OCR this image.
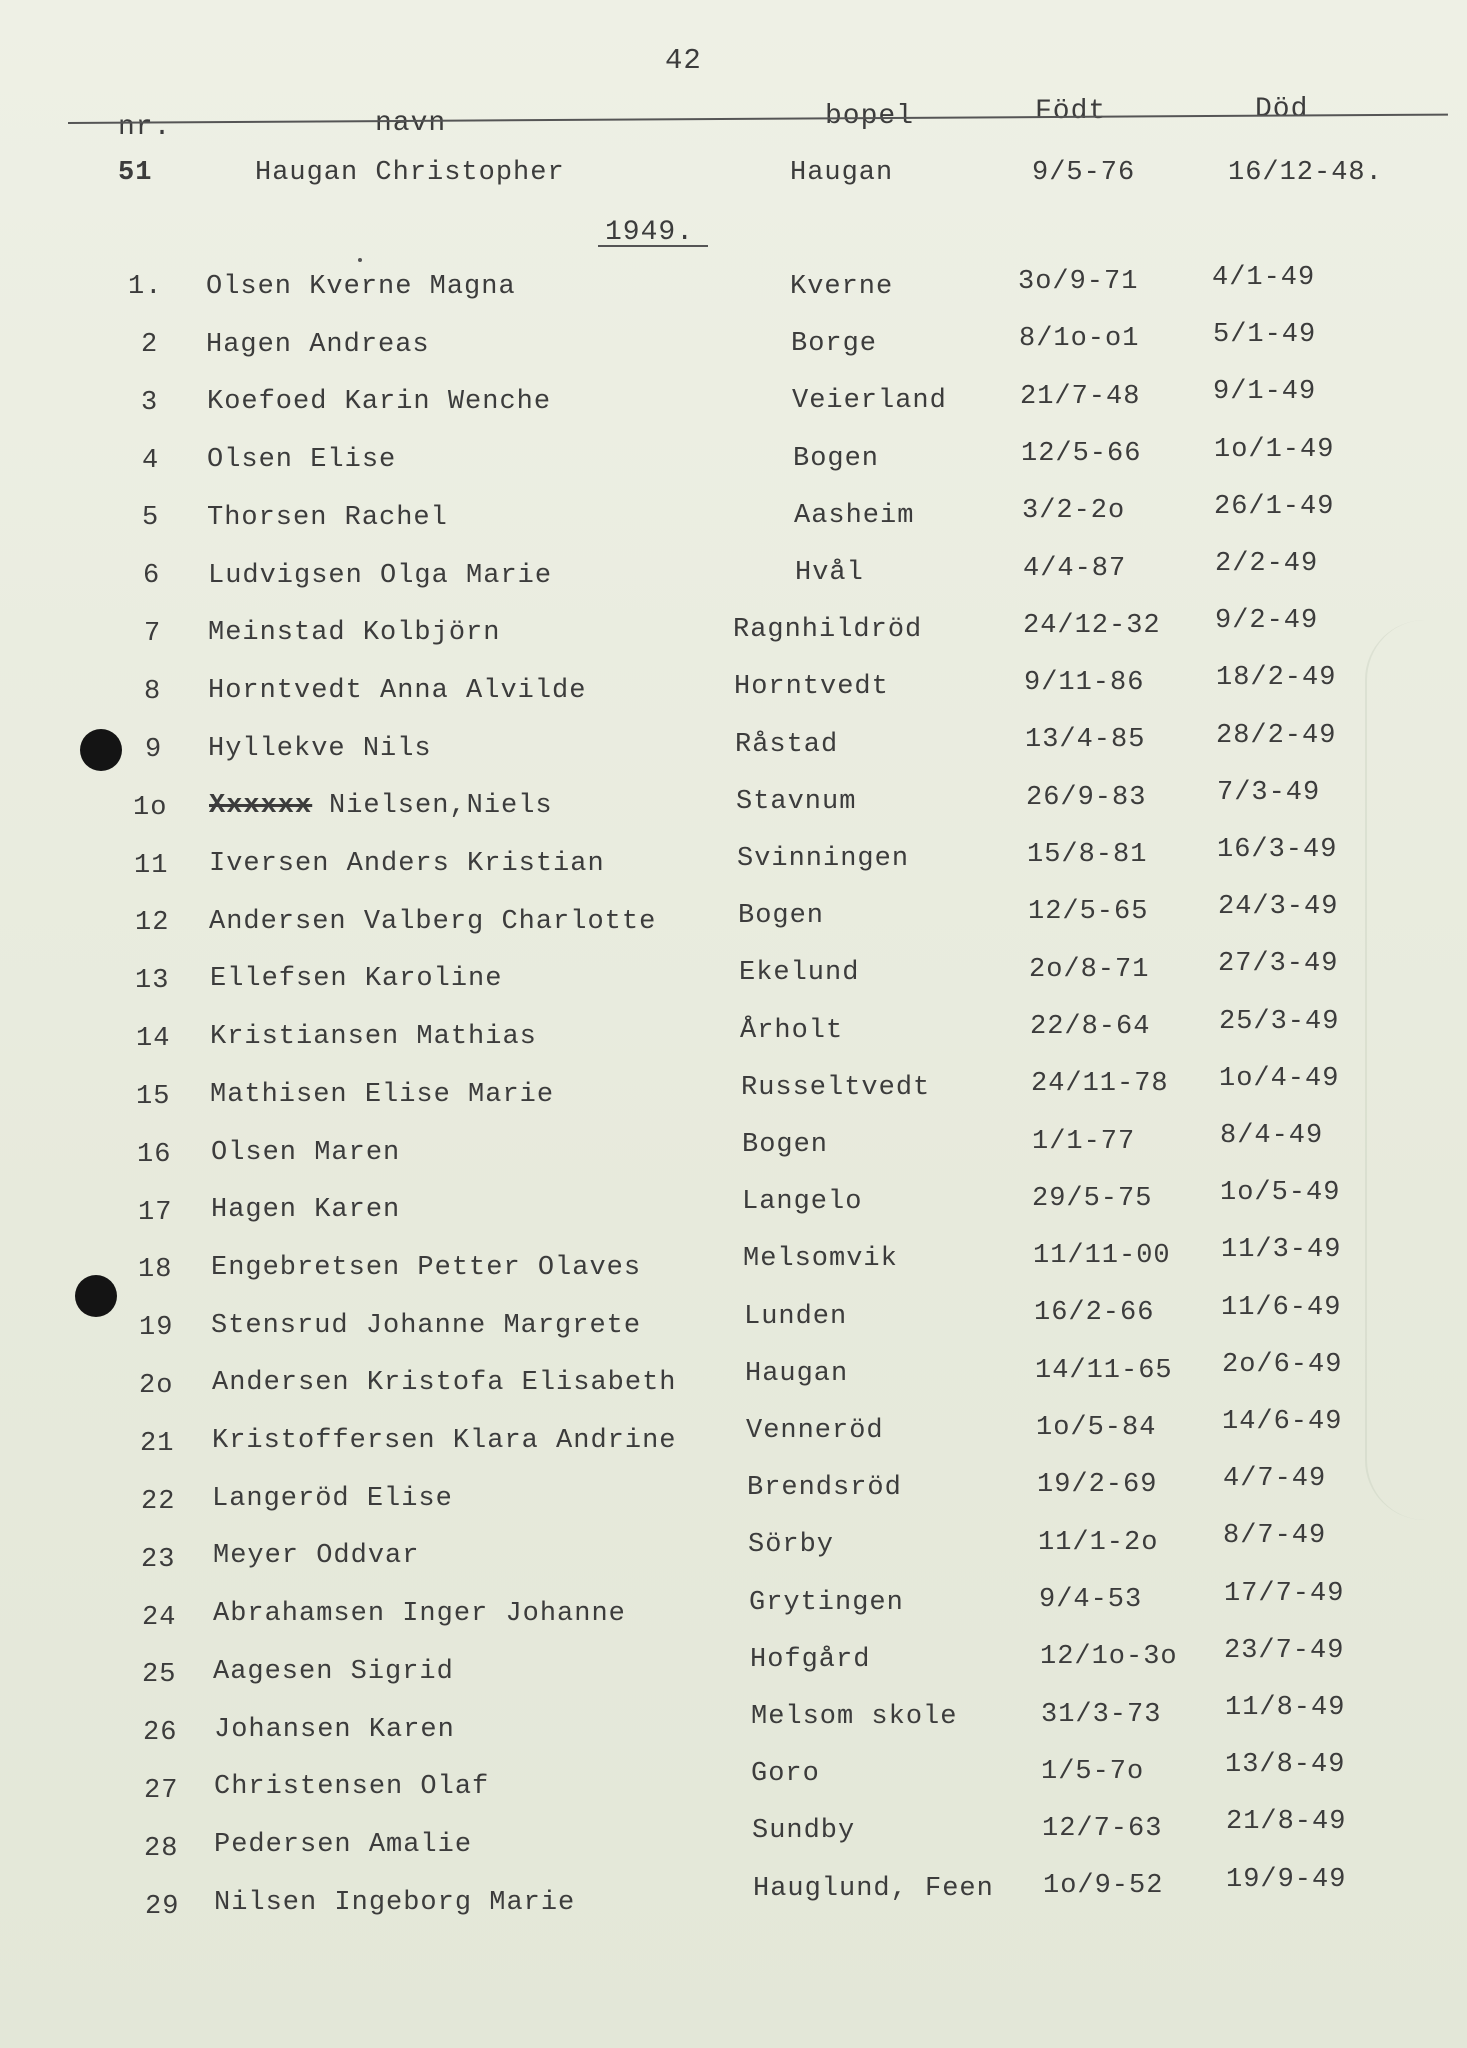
42
nr.	navn	bopel	Födt	Död
51	Haugan Christopher	Haugan	9/5-76	16/12-48.
1949.
1. Olsen Kverne Magna	Kverne	3o/9-71	4/1-49
2 Hagen Andreas	Borge	8/1o-o1	5/1-49
3 Koefoed Karin Wenche	Veierland	21/7-48	9/1-49
4 Olsen Elise	Bogen	12/5-66	1o/1-49
5 Thorsen Rachel	Aasheim	3/2-2o	26/1-49
6 Ludvigsen Olga Marie	Hvål	4/4-87	2/2-49
7 Meinstad Kolbjörn	Ragnhildröd	24/12-32 9/2-49
8 Horntvedt Anna Alvilde	Horntvedt	9/11-86	18/2-49
9 Hyllekve Nils	Råstad	13/4-85	28/2-49
1o Xxxxxx Nielsen,Niels	Stavnum	26/9-83	7/3-49
11 Iversen Anders Kristian	Svinningen	15/8-81	16/3-49
12 Andersen Valberg Charlotte	Bogen	12/5-65	24/3-49
13 Ellefsen Karoline	Ekelund	2o/8-71	27/3-49
14 Kristiansen Mathias	Årholt	22/8-64	25/3-49
15 Mathisen Elise Marie	Russeltvedt	24/11-78 1o/4-49
16 Olsen Maren	Bogen	1/1-77	8/4-49
17 Hagen Karen	Langelo	29/5-75	1o/5-49
18 Engebretsen Petter Olaves	Melsomvik	11/11-00 11/3-49
19 Stensrud Johanne Margrete	Lunden	16/2-66 11/6-49
2o Andersen Kristofa Elisabeth	Haugan	14/11-65 2o/6-49
21 Kristoffersen Klara Andrine	Venneröd	1o/5-84 14/6-49
22 Langeröd Elise	Brendsröd	19/2-69 4/7-49
23 Meyer Oddvar	Sörby	11/1-2o 8/7-49
24 Abrahamsen Inger Johanne	Grytingen	9/4-53	17/7-49
25 Aagesen Sigrid	Hofgård	12/1o-3o 23/7-49
26 Johansen Karen	Melsom skole	31/3-73 11/8-49
27 Christensen Olaf	Goro	1/5-7o	13/8-49
28 Pedersen Amalie	Sundby	12/7-63 21/8-49
29 Nilsen Ingeborg Marie	Hauglund, Feen 1o/9-52 19/9-49
